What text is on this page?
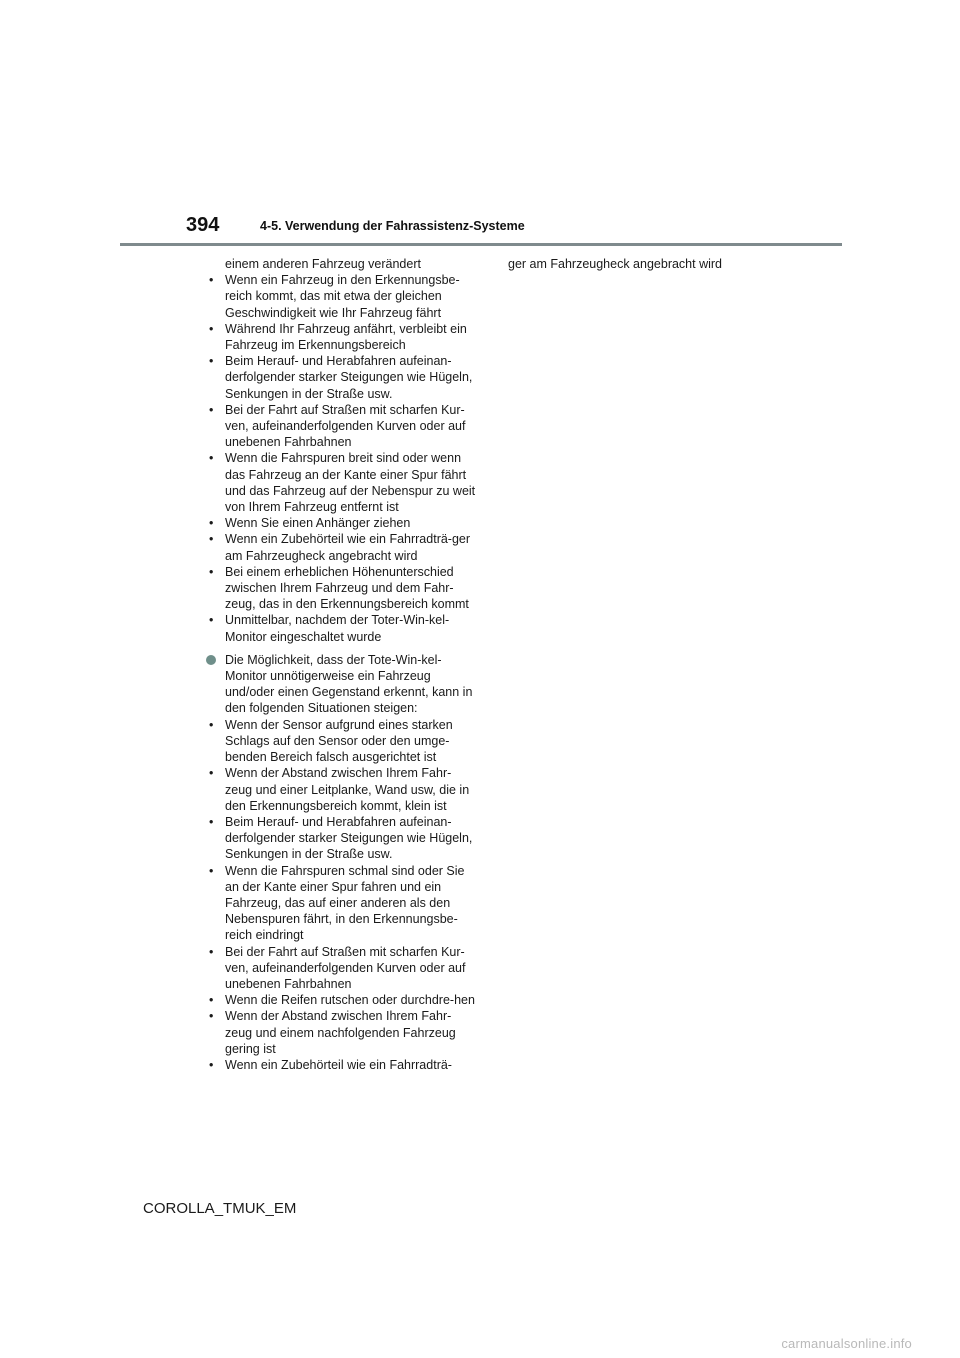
394	4-5. Verwendung der Fahrassistenz-Systeme
einem anderen Fahrzeug verändert
• Wenn ein Fahrzeug in den Erkennungsbe-reich kommt, das mit etwa der gleichen Geschwindigkeit wie Ihr Fahrzeug fährt
• Während Ihr Fahrzeug anfährt, verbleibt ein Fahrzeug im Erkennungsbereich
• Beim Herauf- und Herabfahren aufeinan-derfolgender starker Steigungen wie Hügeln, Senkungen in der Straße usw.
• Bei der Fahrt auf Straßen mit scharfen Kur-ven, aufeinanderfolgenden Kurven oder auf unebenen Fahrbahnen
• Wenn die Fahrspuren breit sind oder wenn das Fahrzeug an der Kante einer Spur fährt und das Fahrzeug auf der Nebenspur zu weit von Ihrem Fahrzeug entfernt ist
• Wenn Sie einen Anhänger ziehen
• Wenn ein Zubehörteil wie ein Fahrradträ-ger am Fahrzeugheck angebracht wird
• Bei einem erheblichen Höhenunterschied zwischen Ihrem Fahrzeug und dem Fahr-zeug, das in den Erkennungsbereich kommt
• Unmittelbar, nachdem der Toter-Win-kel-Monitor eingeschaltet wurde
Die Möglichkeit, dass der Tote-Win-kel-Monitor unnötigerweise ein Fahrzeug und/oder einen Gegenstand erkennt, kann in den folgenden Situationen steigen:
• Wenn der Sensor aufgrund eines starken Schlags auf den Sensor oder den umge-benden Bereich falsch ausgerichtet ist
• Wenn der Abstand zwischen Ihrem Fahr-zeug und einer Leitplanke, Wand usw, die in den Erkennungsbereich kommt, klein ist
• Beim Herauf- und Herabfahren aufeinan-derfolgender starker Steigungen wie Hügeln, Senkungen in der Straße usw.
• Wenn die Fahrspuren schmal sind oder Sie an der Kante einer Spur fahren und ein Fahrzeug, das auf einer anderen als den Nebenspuren fährt, in den Erkennungsbe-reich eindringt
• Bei der Fahrt auf Straßen mit scharfen Kur-ven, aufeinanderfolgenden Kurven oder auf unebenen Fahrbahnen
• Wenn die Reifen rutschen oder durchdre-hen
• Wenn der Abstand zwischen Ihrem Fahr-zeug und einem nachfolgenden Fahrzeug gering ist
• Wenn ein Zubehörteil wie ein Fahrradträ-
ger am Fahrzeugheck angebracht wird
COROLLA_TMUK_EM
carmanualsonline.info
